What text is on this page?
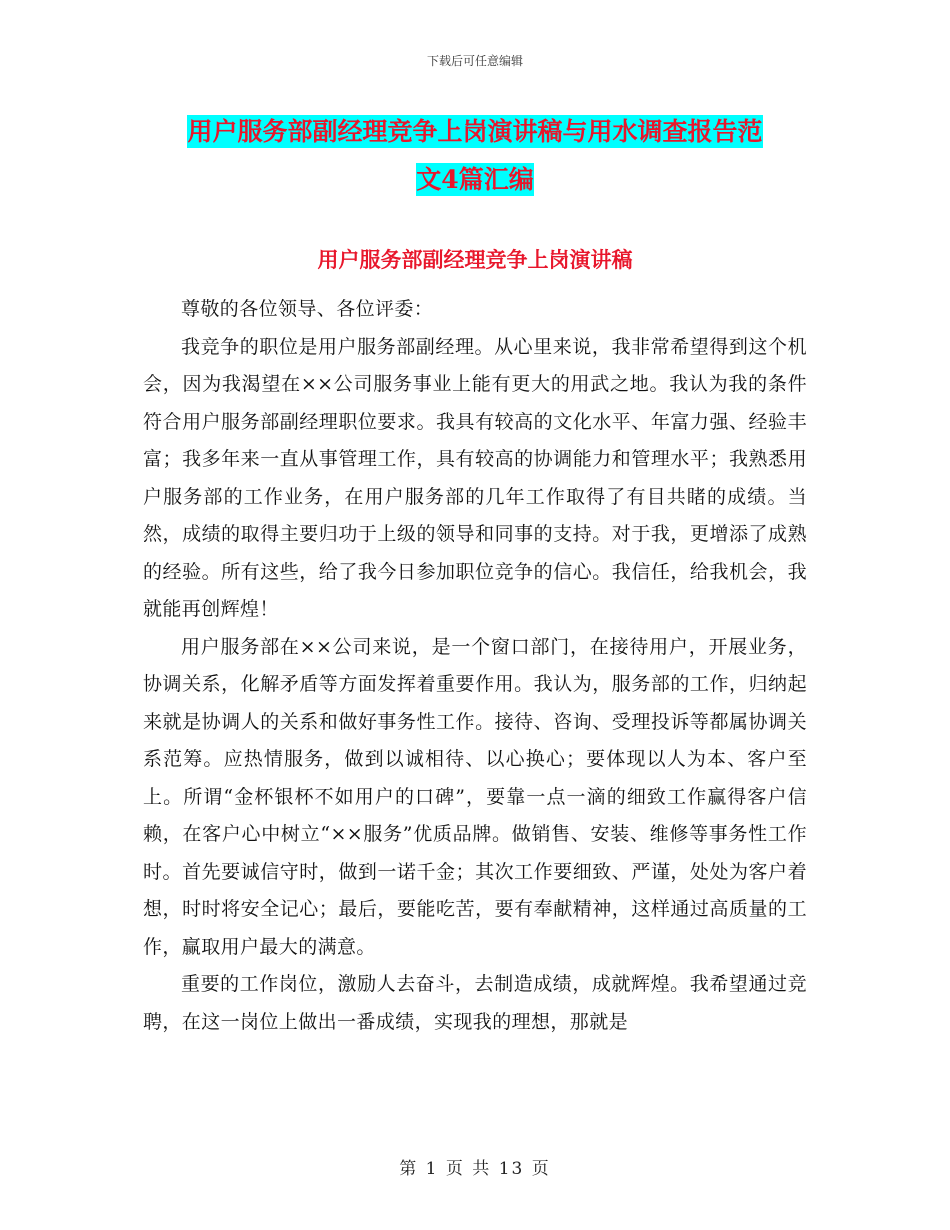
下载后可任意编辑
用户服务部副经理竞争上岗演讲稿与用水调查报告范
文4篇汇编
用户服务部副经理竞争上岗演讲稿

尊敬的各位领导、各位评委：

我竞争的职位是用户服务部副经理。从心里来说，我非常希望得到这个机会，因为我渴望在××公司服务事业上能有更大的用武之地。我认为我的条件符合用户服务部副经理职位要求。我具有较高的文化水平、年富力强、经验丰富；我多年来一直从事管理工作，具有较高的协调能力和管理水平；我熟悉用户服务部的工作业务，在用户服务部的几年工作取得了有目共睹的成绩。当然，成绩的取得主要归功于上级的领导和同事的支持。对于我，更增添了成熟的经验。所有这些，给了我今日参加职位竞争的信心。我信任，给我机会，我就能再创辉煌！

用户服务部在××公司来说，是一个窗口部门，在接待用户，开展业务，协调关系，化解矛盾等方面发挥着重要作用。我认为，服务部的工作，归纳起来就是协调人的关系和做好事务性工作。接待、咨询、受理投诉等都属协调关系范筹。应热情服务，做到以诚相待、以心换心；要体现以人为本、客户至上。所谓“金杯银杯不如用户的口碑”，要靠一点一滴的细致工作赢得客户信赖，在客户心中树立“××服务”优质品牌。做销售、安装、维修等事务性工作时。首先要诚信守时，做到一诺千金；其次工作要细致、严谨，处处为客户着想，时时将安全记心；最后，要能吃苦，要有奉献精神，这样通过高质量的工作，赢取用户最大的满意。

重要的工作岗位，激励人去奋斗，去制造成绩，成就辉煌。我希望通过竞聘，在这一岗位上做出一番成绩，实现我的理想，那就是

第 1 页 共 13 页
